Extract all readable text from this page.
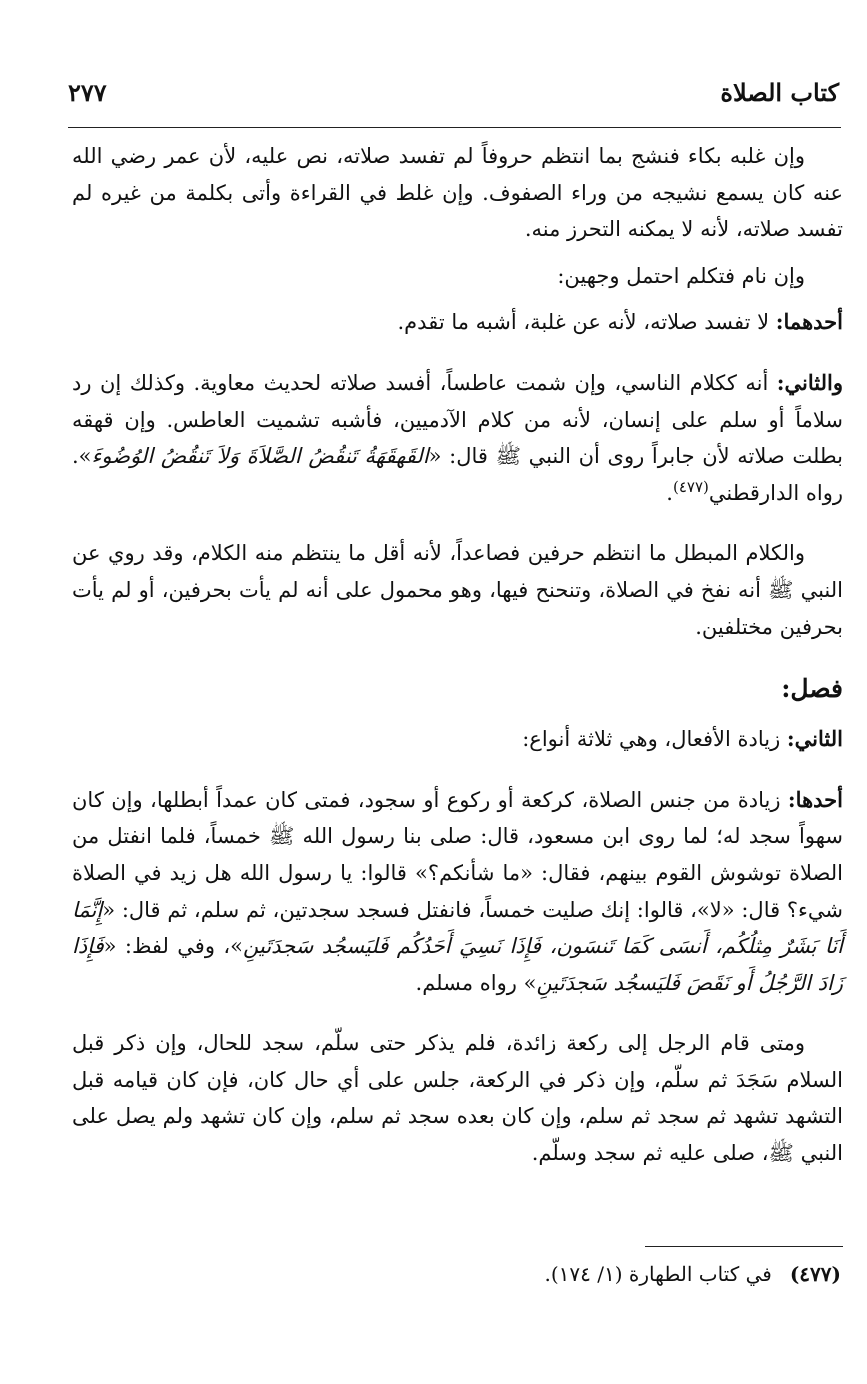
كتاب الصلاة
٢٧٧

وإن غلبه بكاء فنشج بما انتظم حروفاً لم تفسد صلاته، نص عليه، لأن عمر رضي الله عنه كان يسمع نشيجه من وراء الصفوف. وإن غلط في القراءة وأتى بكلمة من غيره لم تفسد صلاته، لأنه لا يمكنه التحرز منه.

وإن نام فتكلم احتمل وجهين:

أحدهما: لا تفسد صلاته، لأنه عن غلبة، أشبه ما تقدم.

والثاني: أنه ككلام الناسي، وإن شمت عاطساً، أفسد صلاته لحديث معاوية. وكذلك إن رد سلاماً أو سلم على إنسان، لأنه من كلام الآدميين، فأشبه تشميت العاطس. وإن قهقه بطلت صلاته لأن جابراً روى أن النبي ﷺ قال: «القَهقَهَةُ تَنقُضُ الصَّلاَةَ وَلاَ تَنقُضُ الوُضُوءَ». رواه الدارقطني$^{(٤٧٧)}$.

والكلام المبطل ما انتظم حرفين فصاعداً، لأنه أقل ما ينتظم منه الكلام، وقد روي عن النبي ﷺ أنه نفخ في الصلاة، وتنحنح فيها، وهو محمول على أنه لم يأت بحرفين، أو لم يأت بحرفين مختلفين.

فصل:

الثاني: زيادة الأفعال، وهي ثلاثة أنواع:

أحدها: زيادة من جنس الصلاة، كركعة أو ركوع أو سجود، فمتى كان عمداً أبطلها، وإن كان سهواً سجد له؛ لما روى ابن مسعود، قال: صلى بنا رسول الله ﷺ خمساً، فلما انفتل من الصلاة توشوش القوم بينهم، فقال: «ما شأنكم؟» قالوا: يا رسول الله هل زيد في الصلاة شيء؟ قال: «لا»، قالوا: إنك صليت خمساً، فانفتل فسجد سجدتين، ثم سلم، ثم قال: «إِنَّمَا أَنَا بَشَرٌ مِثلُكُم، أَنسَى كَمَا تَنسَون، فَإِذَا نَسِيَ أَحَدُكُم فَليَسجُد سَجدَتَينِ»، وفي لفظ: «فَإِذَا زَادَ الرَّجُلُ أَو نَقَصَ فَليَسجُد سَجدَتَينِ» رواه مسلم.

ومتى قام الرجل إلى ركعة زائدة، فلم يذكر حتى سلّم، سجد للحال، وإن ذكر قبل السلام سَجَدَ ثم سلّم، وإن ذكر في الركعة، جلس على أي حال كان، فإن كان قيامه قبل التشهد تشهد ثم سجد ثم سلم، وإن كان بعده سجد ثم سلم، وإن كان تشهد ولم يصل على النبي ﷺ، صلى عليه ثم سجد وسلّم.

(٤٧٧)
في كتاب الطهارة (١/ ١٧٤).
